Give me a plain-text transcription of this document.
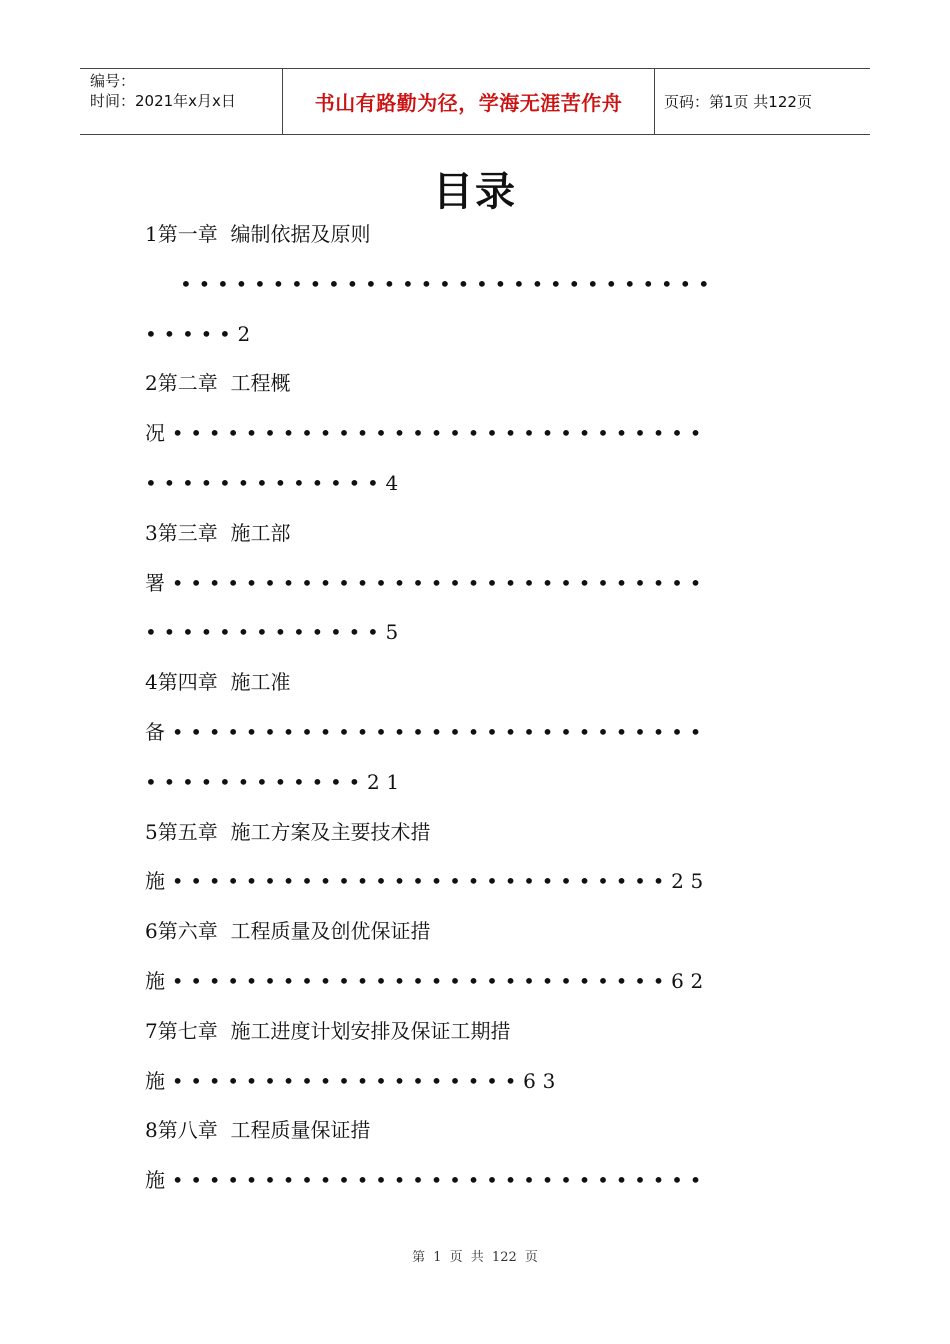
编号：
时间：2021年x月x日	书山有路勤为径，学海无涯苦作舟	页码：第1页 共122页
目录
1第一章  编制依据及原则
•••••••••••••••••••••••••••••
•••••2
2第二章  工程概
况•••••••••••••••••••••••••••••
•••••••••••••4
3第三章  施工部
署•••••••••••••••••••••••••••••
•••••••••••••5
4第四章  施工准
备•••••••••••••••••••••••••••••
••••••••••••21
5第五章  施工方案及主要技术措
施•••••••••••••••••••••••••••25
6第六章  工程质量及创优保证措
施•••••••••••••••••••••••••••62
7第七章  施工进度计划安排及保证工期措
施•••••••••••••••••••63
8第八章  工程质量保证措
施•••••••••••••••••••••••••••••
第 1 页 共 122 页
